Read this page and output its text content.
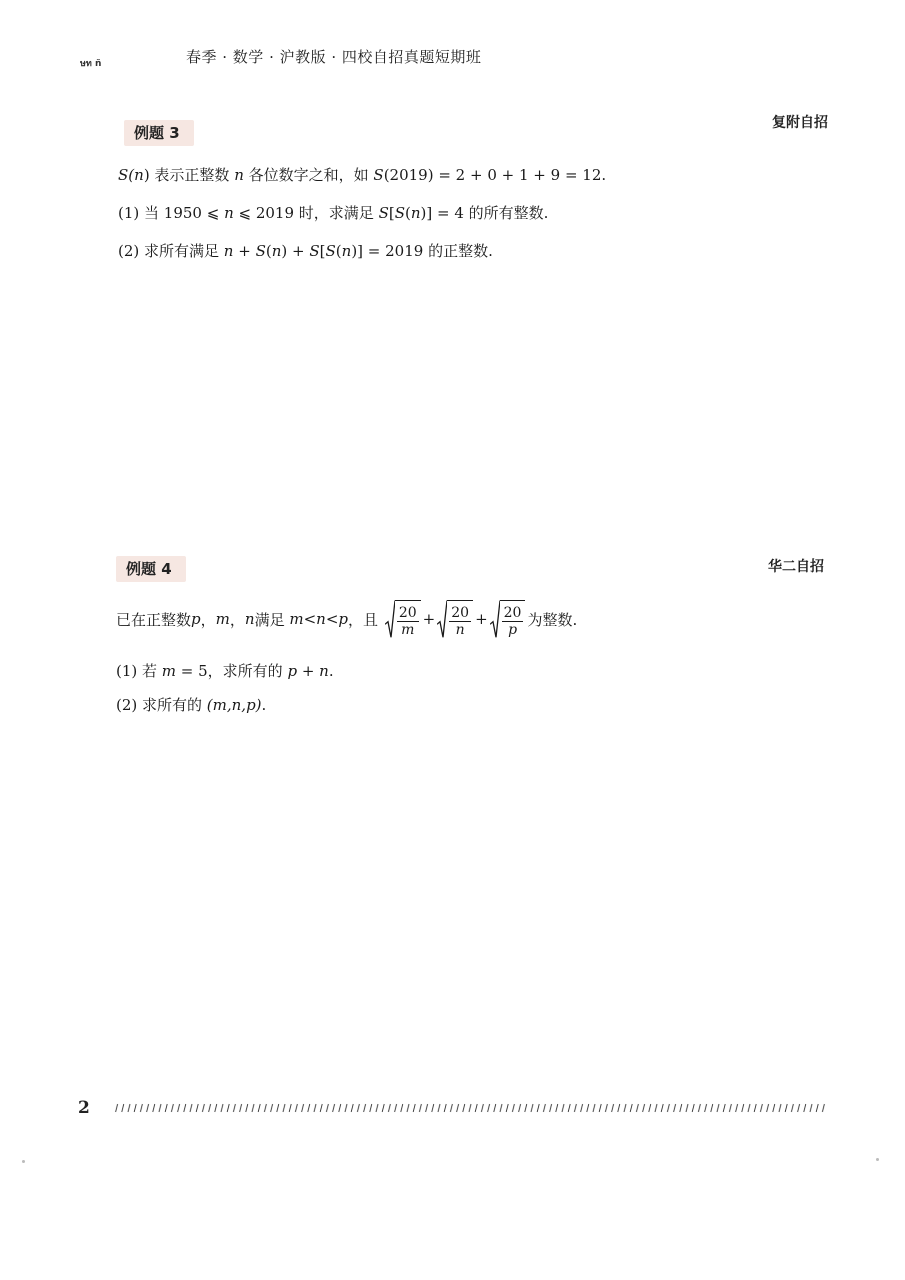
ษท ñ	春季 · 数学 · 沪教版 · 四校自招真题短期班
复附自招
例题 3
S(n) 表示正整数 n 各位数字之和，如 S(2019) = 2 + 0 + 1 + 9 = 12.
(1) 当 1950 ⩽ n ⩽ 2019 时，求满足 S[S(n)] = 4 的所有整数.
(2) 求所有满足 n + S(n) + S[S(n)] = 2019 的正整数.
华二自招
例题 4
已在正整数 p ， m ， n 满足
m < n < p ，且
$\frac{20}{m} + \frac{20}{n} + \frac{20}{p}$ 为整数.
(1) 若 m = 5，求所有的 p + n.
(2) 求所有的 (m,n,p).
2
